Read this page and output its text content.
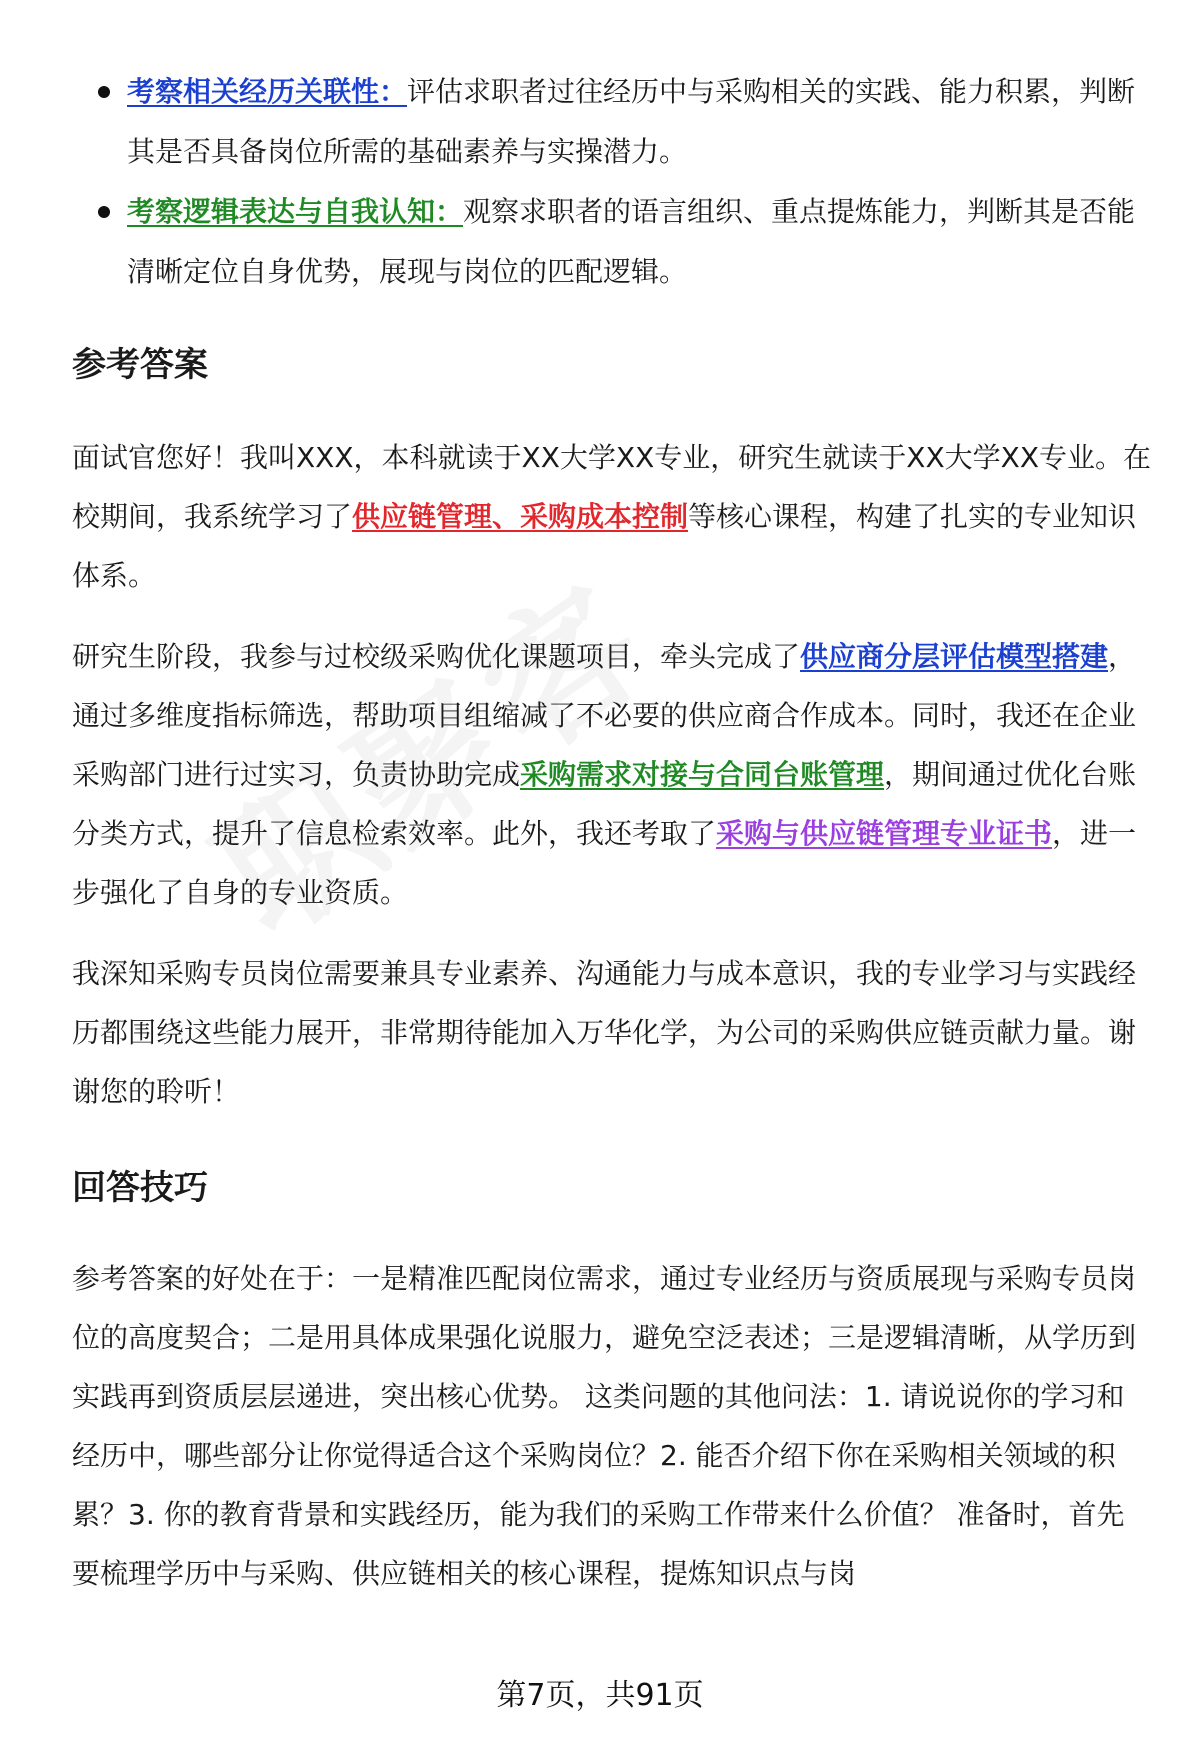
考察相关经历关联性：评估求职者过往经历中与采购相关的实践、能力积累，判断其是否具备岗位所需的基础素养与实操潜力。
考察逻辑表达与自我认知：观察求职者的语言组织、重点提炼能力，判断其是否能清晰定位自身优势，展现与岗位的匹配逻辑。
参考答案

面试官您好！我叫XXX，本科就读于XX大学XX专业，研究生就读于XX大学XX专业。在校期间，我系统学习了供应链管理、采购成本控制等核心课程，构建了扎实的专业知识体系。

研究生阶段，我参与过校级采购优化课题项目，牵头完成了供应商分层评估模型搭建，通过多维度指标筛选，帮助项目组缩减了不必要的供应商合作成本。同时，我还在企业采购部门进行过实习，负责协助完成采购需求对接与合同台账管理，期间通过优化台账分类方式，提升了信息检索效率。此外，我还考取了采购与供应链管理专业证书，进一步强化了自身的专业资质。

我深知采购专员岗位需要兼具专业素养、沟通能力与成本意识，我的专业学习与实践经历都围绕这些能力展开，非常期待能加入万华化学，为公司的采购供应链贡献力量。谢谢您的聆听！

回答技巧

参考答案的好处在于：一是精准匹配岗位需求，通过专业经历与资质展现与采购专员岗位的高度契合；二是用具体成果强化说服力，避免空泛表述；三是逻辑清晰，从学历到实践再到资质层层递进，突出核心优势。 这类问题的其他问法：1. 请说说你的学习和经历中，哪些部分让你觉得适合这个采购岗位？2. 能否介绍下你在采购相关领域的积累？3. 你的教育背景和实践经历，能为我们的采购工作带来什么价值？ 准备时，首先要梳理学历中与采购、供应链相关的核心课程，提炼知识点与岗

第7页，共91页
